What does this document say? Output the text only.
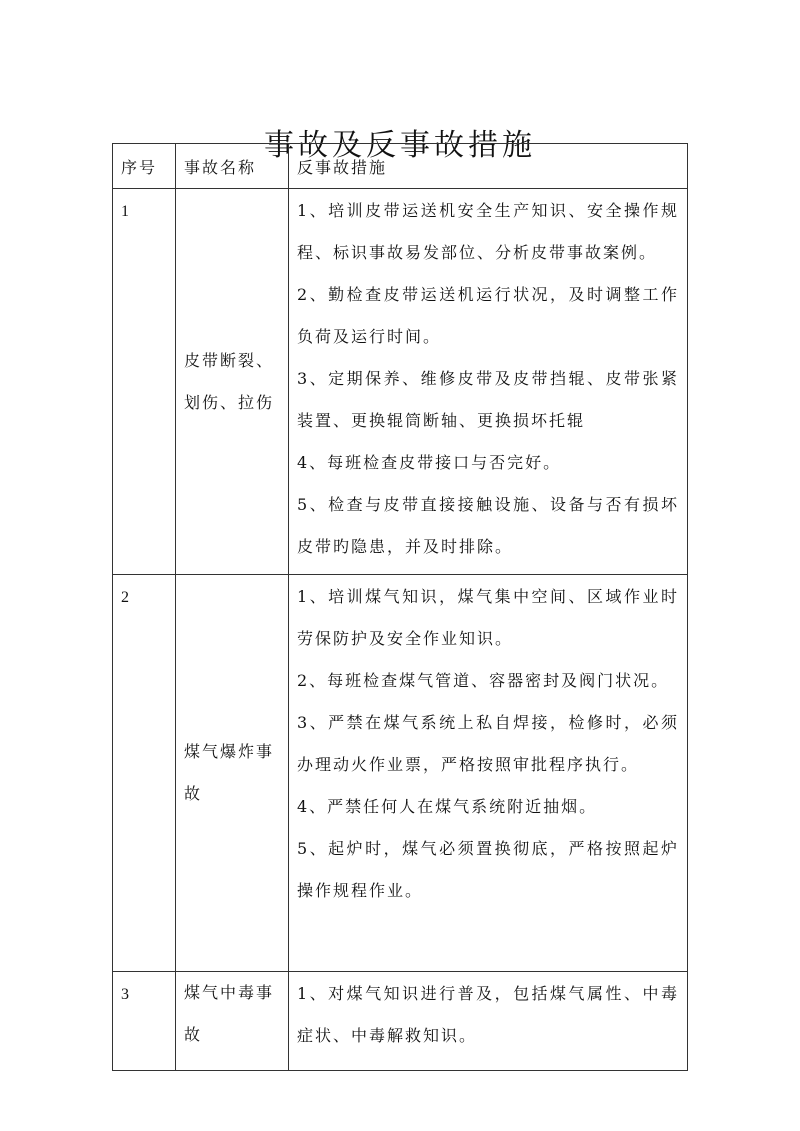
事故及反事故措施
序号	事故名称	反事故措施
1	皮带断裂、划伤、拉伤	1、培训皮带运送机安全生产知识、安全操作规程、标识事故易发部位、分析皮带事故案例。
2、勤检查皮带运送机运行状况，及时调整工作负荷及运行时间。
3、定期保养、维修皮带及皮带挡辊、皮带张紧装置、更换辊筒断轴、更换损坏托辊
4、每班检查皮带接口与否完好。
5、检查与皮带直接接触设施、设备与否有损坏皮带旳隐患，并及时排除。

2	煤气爆炸事故	1、培训煤气知识，煤气集中空间、区域作业时劳保防护及安全作业知识。
2、每班检查煤气管道、容器密封及阀门状况。
3、严禁在煤气系统上私自焊接，检修时，必须办理动火作业票，严格按照审批程序执行。
4、严禁任何人在煤气系统附近抽烟。
5、起炉时，煤气必须置换彻底，严格按照起炉操作规程作业。

3	煤气中毒事故	1、对煤气知识进行普及，包括煤气属性、中毒症状、中毒解救知识。
